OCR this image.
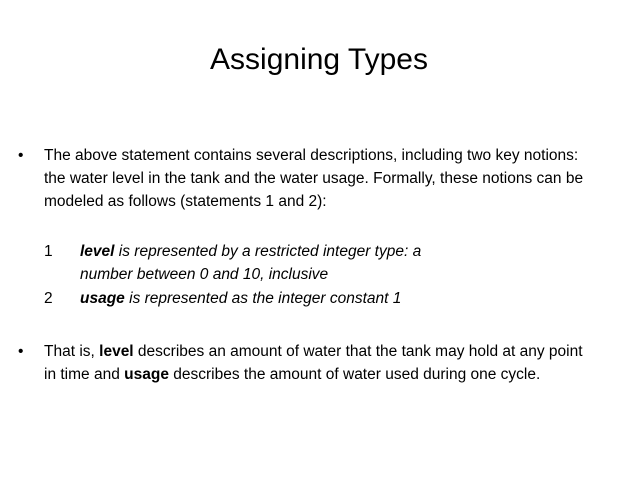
Assigning Types
• The above statement contains several descriptions, including two key notions:
the water level in the tank and the water usage. Formally, these notions can be
modeled as follows (statements 1 and 2):
1 level is represented by a restricted integer type: a
number between 0 and 10, inclusive
2 usage is represented as the integer constant 1
• That is, level describes an amount of water that the tank may hold at any point
in time and usage describes the amount of water used during one cycle.
